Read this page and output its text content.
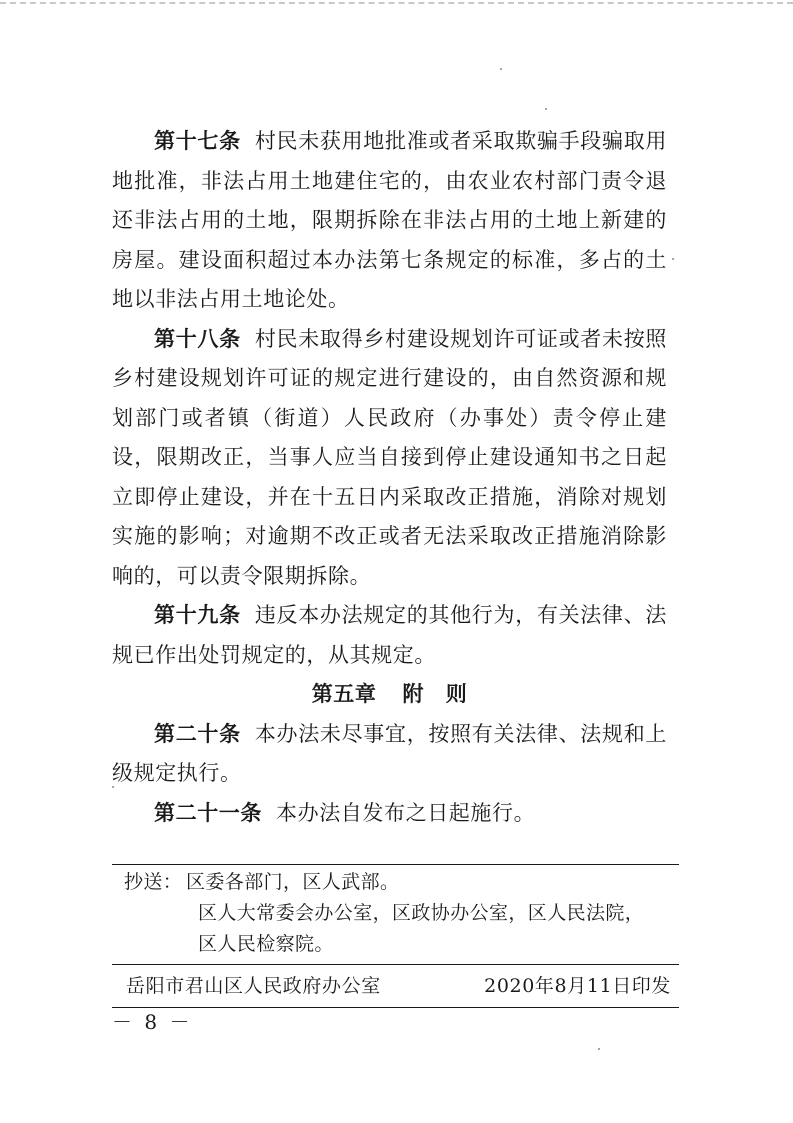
第十七条 村民未获用地批准或者采取欺骗手段骗取用地批准，非法占用土地建住宅的，由农业农村部门责令退还非法占用的土地，限期拆除在非法占用的土地上新建的房屋。建设面积超过本办法第七条规定的标准，多占的土地以非法占用土地论处。

第十八条 村民未取得乡村建设规划许可证或者未按照乡村建设规划许可证的规定进行建设的，由自然资源和规划部门或者镇（街道）人民政府（办事处）责令停止建设，限期改正，当事人应当自接到停止建设通知书之日起立即停止建设，并在十五日内采取改正措施，消除对规划实施的影响；对逾期不改正或者无法采取改正措施消除影响的，可以责令限期拆除。

第十九条 违反本办法规定的其他行为，有关法律、法规已作出处罚规定的，从其规定。

第五章 附　则

第二十条 本办法未尽事宜，按照有关法律、法规和上级规定执行。

第二十一条 本办法自发布之日起施行。

抄送： 区委各部门，区人武部。
区人大常委会办公室，区政协办公室，区人民法院，
区人民检察院。
岳阳市君山区人民政府办公室	2020年8月11日印发
－ 8 －
